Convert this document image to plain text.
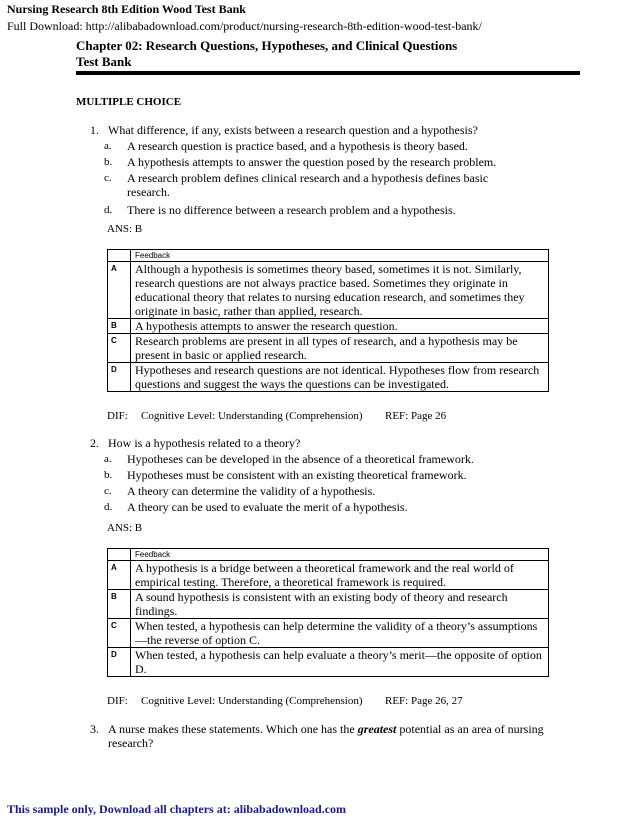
Nursing Research 8th Edition Wood Test Bank
Full Download: http://alibabadownload.com/product/nursing-research-8th-edition-wood-test-bank/
Chapter 02: Research Questions, Hypotheses, and Clinical Questions
Test Bank
MULTIPLE CHOICE
1. What difference, if any, exists between a research question and a hypothesis?
a. A research question is practice based, and a hypothesis is theory based.
b. A hypothesis attempts to answer the question posed by the research problem.
c. A research problem defines clinical research and a hypothesis defines basic research.
d. There is no difference between a research problem and a hypothesis.
ANS: B
	Feedback
A	Although a hypothesis is sometimes theory based, sometimes it is not. Similarly, research questions are not always practice based. Sometimes they originate in educational theory that relates to nursing education research, and sometimes they originate in basic, rather than applied, research.
B	A hypothesis attempts to answer the research question.
C	Research problems are present in all types of research, and a hypothesis may be present in basic or applied research.
D	Hypotheses and research questions are not identical. Hypotheses flow from research questions and suggest the ways the questions can be investigated.
DIF: Cognitive Level: Understanding (Comprehension) REF: Page 26
2. How is a hypothesis related to a theory?
a. Hypotheses can be developed in the absence of a theoretical framework.
b. Hypotheses must be consistent with an existing theoretical framework.
c. A theory can determine the validity of a hypothesis.
d. A theory can be used to evaluate the merit of a hypothesis.
ANS: B
	Feedback
A	A hypothesis is a bridge between a theoretical framework and the real world of empirical testing. Therefore, a theoretical framework is required.
B	A sound hypothesis is consistent with an existing body of theory and research findings.
C	When tested, a hypothesis can help determine the validity of a theory’s assumptions—the reverse of option C.
D	When tested, a hypothesis can help evaluate a theory’s merit—the opposite of option D.
DIF: Cognitive Level: Understanding (Comprehension) REF: Page 26, 27
3. A nurse makes these statements. Which one has the greatest potential as an area of nursing research?
This sample only, Download all chapters at: alibabadownload.com
